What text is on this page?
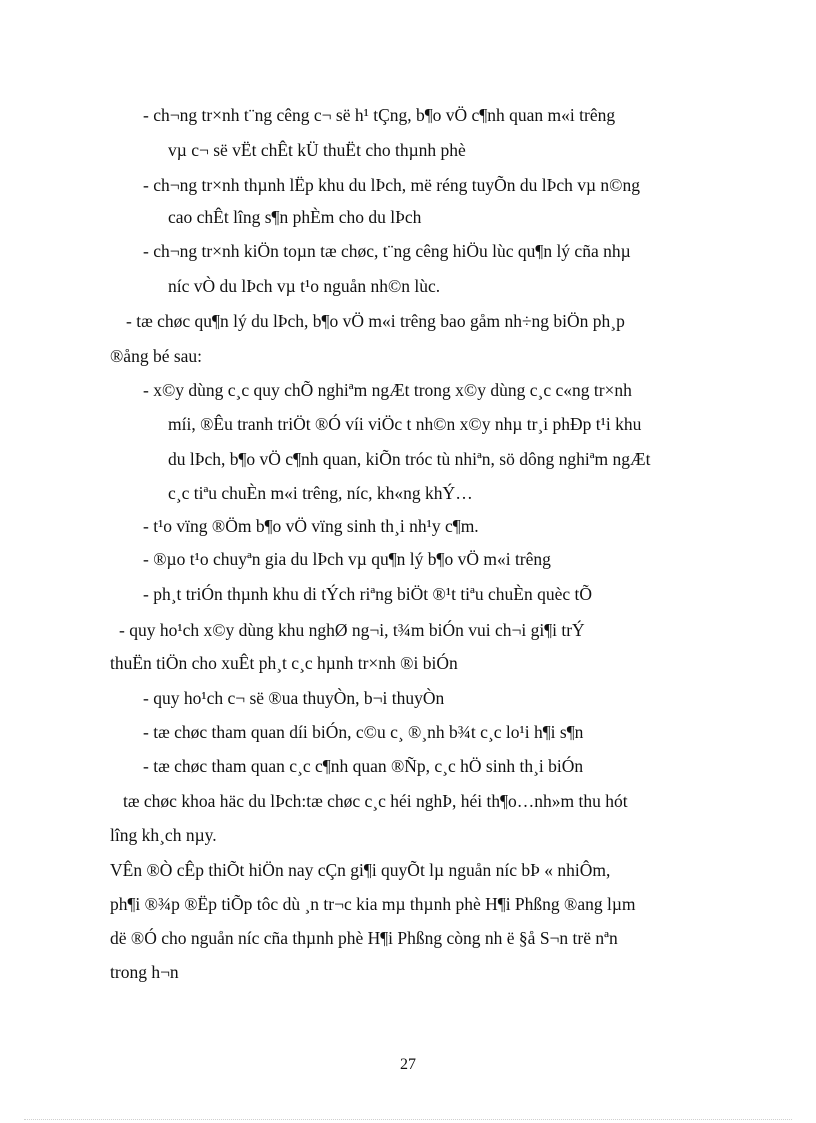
- ch¬ng tr×nh t¨ng cêng c¬ së h¹ tÇng, b¶o vÖ c¶nh quan m«i trêng
vµ c¬ së vËt chÊt kÜ thuËt cho thµnh phè
- ch¬ng tr×nh thµnh lËp khu du lÞch, më réng tuyÕn du lÞch vµ n©ng
cao chÊt lîng s¶n phÈm cho du lÞch
- ch¬ng tr×nh kiÖn toµn tæ chøc, t¨ng cêng hiÖu lùc qu¶n lý cña nhµ
níc vÒ du lÞch vµ t¹o nguån nh©n lùc.
- tæ chøc qu¶n lý du lÞch, b¶o vÖ m«i trêng bao gåm nh÷ng biÖn ph¸p
®ång bé sau:
- x©y dùng c¸c quy chÕ nghiªm ngÆt trong x©y dùng c¸c c«ng tr×nh
míi, ®Êu tranh triÖt ®Ó víi viÖc t nh©n x©y nhµ tr¸i phÐp t¹i khu
du lÞch, b¶o vÖ c¶nh quan, kiÕn tróc tù nhiªn, sö dông nghiªm ngÆt
c¸c tiªu chuÈn m«i trêng, níc, kh«ng khÝ…
- t¹o vïng ®Öm b¶o vÖ vïng sinh th¸i nh¹y c¶m.
- ®µo t¹o chuyªn gia du lÞch vµ qu¶n lý b¶o vÖ m«i trêng
- ph¸t triÓn thµnh khu di tÝch riªng biÖt ®¹t tiªu chuÈn quèc tÕ
- quy ho¹ch x©y dùng khu nghØ ng¬i, t¾m biÓn vui ch¬i gi¶i trÝ
thuËn tiÖn cho xuÊt ph¸t c¸c hµnh tr×nh ®i biÓn
- quy ho¹ch c¬ së ®ua thuyÒn, b¬i thuyÒn
- tæ chøc tham quan díi biÓn, c©u c¸ ®¸nh b¾t c¸c lo¹i h¶i s¶n
- tæ chøc tham quan c¸c c¶nh quan ®Ñp, c¸c hÖ sinh th¸i biÓn
tæ chøc khoa häc du lÞch:tæ chøc c¸c héi nghÞ, héi th¶o…nh»m thu hót
lîng kh¸ch nµy.
VÊn ®Ò cÊp thiÕt hiÖn nay cÇn gi¶i quyÕt lµ nguån níc bÞ « nhiÔm,
ph¶i ®¾p ®Ëp tiÕp tôc dù ¸n tr¬c kia mµ thµnh phè H¶i Phßng ®ang lµm
dë ®Ó cho nguån níc cña thµnh phè H¶i Phßng còng nh ë §å S¬n trë nªn
trong h¬n
27
